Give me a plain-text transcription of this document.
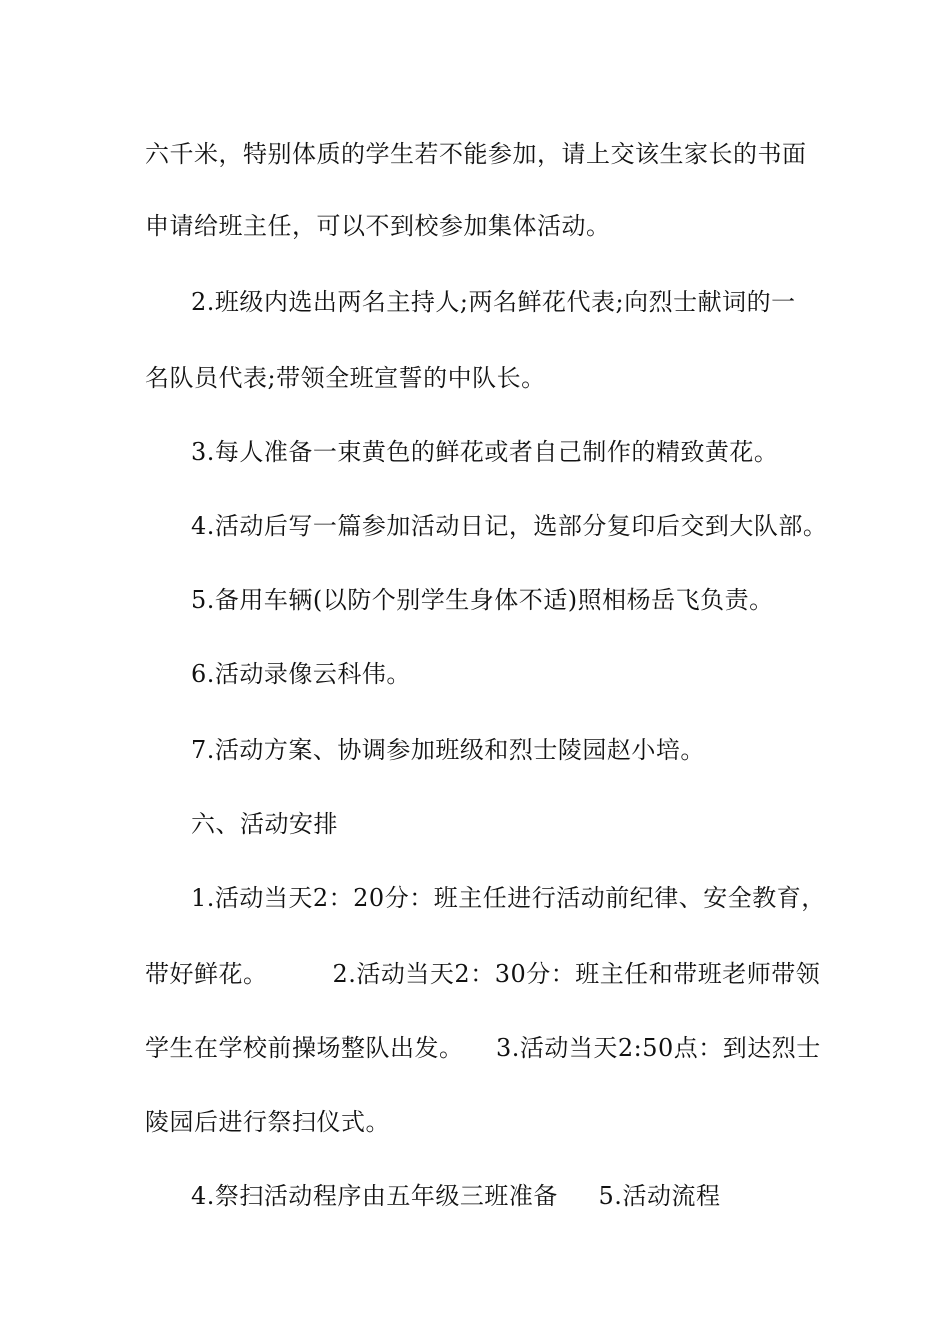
六千米，特别体质的学生若不能参加，请上交该生家长的书面
申请给班主任，可以不到校参加集体活动。
2.班级内选出两名主持人;两名鲜花代表;向烈士献词的一
名队员代表;带领全班宣誓的中队长。
3.每人准备一束黄色的鲜花或者自己制作的精致黄花。
4.活动后写一篇参加活动日记，选部分复印后交到大队部。
5.备用车辆(以防个别学生身体不适)照相杨岳飞负责。
6.活动录像云科伟。
7.活动方案、协调参加班级和烈士陵园赵小培。
六、活动安排
1.活动当天2：20分：班主任进行活动前纪律、安全教育，
带好鲜花。        2.活动当天2：30分：班主任和带班老师带领
学生在学校前操场整队出发。    3.活动当天2:50点：到达烈士
陵园后进行祭扫仪式。
4.祭扫活动程序由五年级三班准备     5.活动流程
